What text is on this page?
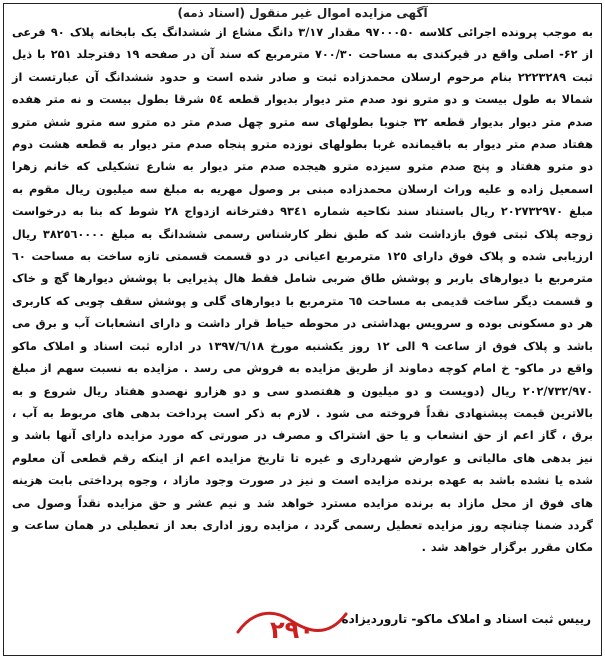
آگهی مزایده اموال غیر منقول (اسناد ذمه)
به موجب پرونده اجرائی کلاسه ۹۷۰۰۰۵۰ مقدار ۳/۱۷ دانگ مشاع از ششدانگ یک بابخانه پلاک ۹۰ فرعی از ۶۲- اصلی واقع در قیرکندی به مساحت ۷۰۰/۳۰ مترمربع که سند آن در صفحه ۱۹ دفترجلد ۲۵۱ با ذیل ثبت ۲۲۲۳۲۸۹ بنام مرحوم ارسلان محمدزاده ثبت و صادر شده است و حدود ششدانگ آن عبارتست از شمالا به طول بیست و دو مترو نود صدم متر دیوار بدیوار قطعه ٥٤ شرقا بطول بیست و نه متر هفده صدم متر دیوار بدیوار قطعه ۳۲ جنوبا بطولهای سه مترو چهل صدم متر ده مترو سه مترو شش مترو هفتاد صدم متر دیوار به باقیمانده غربا بطولهای نوزده مترو پنجاه صدم متر دیوار به قطعه هشت دوم دو مترو هفتاد و پنج صدم مترو سیزده مترو هیجده صدم متر دیوار به شارع تشکیلی که خانم زهرا اسمعیل زاده و علیه وراث ارسلان محمدزاده مبنی بر وصول مهریه به مبلغ سه میلیون ریال مقوم به مبلغ ۲۰۲۷۳۲۹۷۰ ریال باستناد سند نکاحیه شماره ۹۳٤۱ دفترخانه ازدواج ۲۸ شوط که بنا به درخواست زوجه پلاک ثبتی فوق بازداشت شد که طبق نظر کارشناس رسمی ششدانگ به مبلغ ۳۸۲٥٦۰۰۰۰ ریال ارزیابی شده و پلاک فوق دارای ۱۲٥ مترمربع اعیانی در دو قسمت قسمتی تازه ساخت به مساحت ٦۰ مترمربع با دیوارهای باربر و پوشش طاق ضربی شامل فقط هال پذیرایی با پوشش دیوارها گچ و خاک و قسمت دیگر ساخت قدیمی به مساحت ٦٥ مترمربع با دیوارهای گلی و پوشش سقف چوبی که کاربری هر دو مسکونی بوده و سرویس بهداشتی در محوطه حیاط قرار داشت و دارای انشعابات آب و برق می باشد و پلاک فوق از ساعت ۹ الی ۱۲ روز یکشنبه مورخ ۱۳۹۷/٦/۱۸ در اداره ثبت اسناد و املاک ماکو واقع در ماکو- خ امام کوچه دماوند از طریق مزایده به فروش می رسد . مزایده به نسبت سهم از مبلغ ۲۰۲/۷۳۲/۹۷۰ ریال (دویست و دو میلیون و هفتصدو سی و دو هزارو نهصدو هفتاد ریال شروع و به بالاترین قیمت پیشنهادی نقداً فروخته می شود . لازم به ذکر است پرداخت بدهی های مربوط به آب ، برق ، گاز اعم از حق انشعاب و یا حق اشتراک و مصرف در صورتی که مورد مزایده دارای آنها باشد و نیز بدهی های مالیاتی و عوارض شهرداری و غیره تا تاریخ مزایده اعم از اینکه رقم قطعی آن معلوم شده یا نشده باشد به عهده برنده مزایده است و نیز در صورت وجود مازاد ، وجوه پرداختی بابت هزینه های فوق از محل مازاد به برنده مزایده مسترد خواهد شد و نیم عشر و حق مزایده نقداً وصول می گردد ضمنا چنانچه روز مزایده تعطیل رسمی گردد ، مزایده روز اداری بعد از تعطیلی در همان ساعت و مکان مقرر برگزار خواهد شد .
رییس ثبت اسناد و املاک ماکو- تاروردیزاده
۲۹۰
